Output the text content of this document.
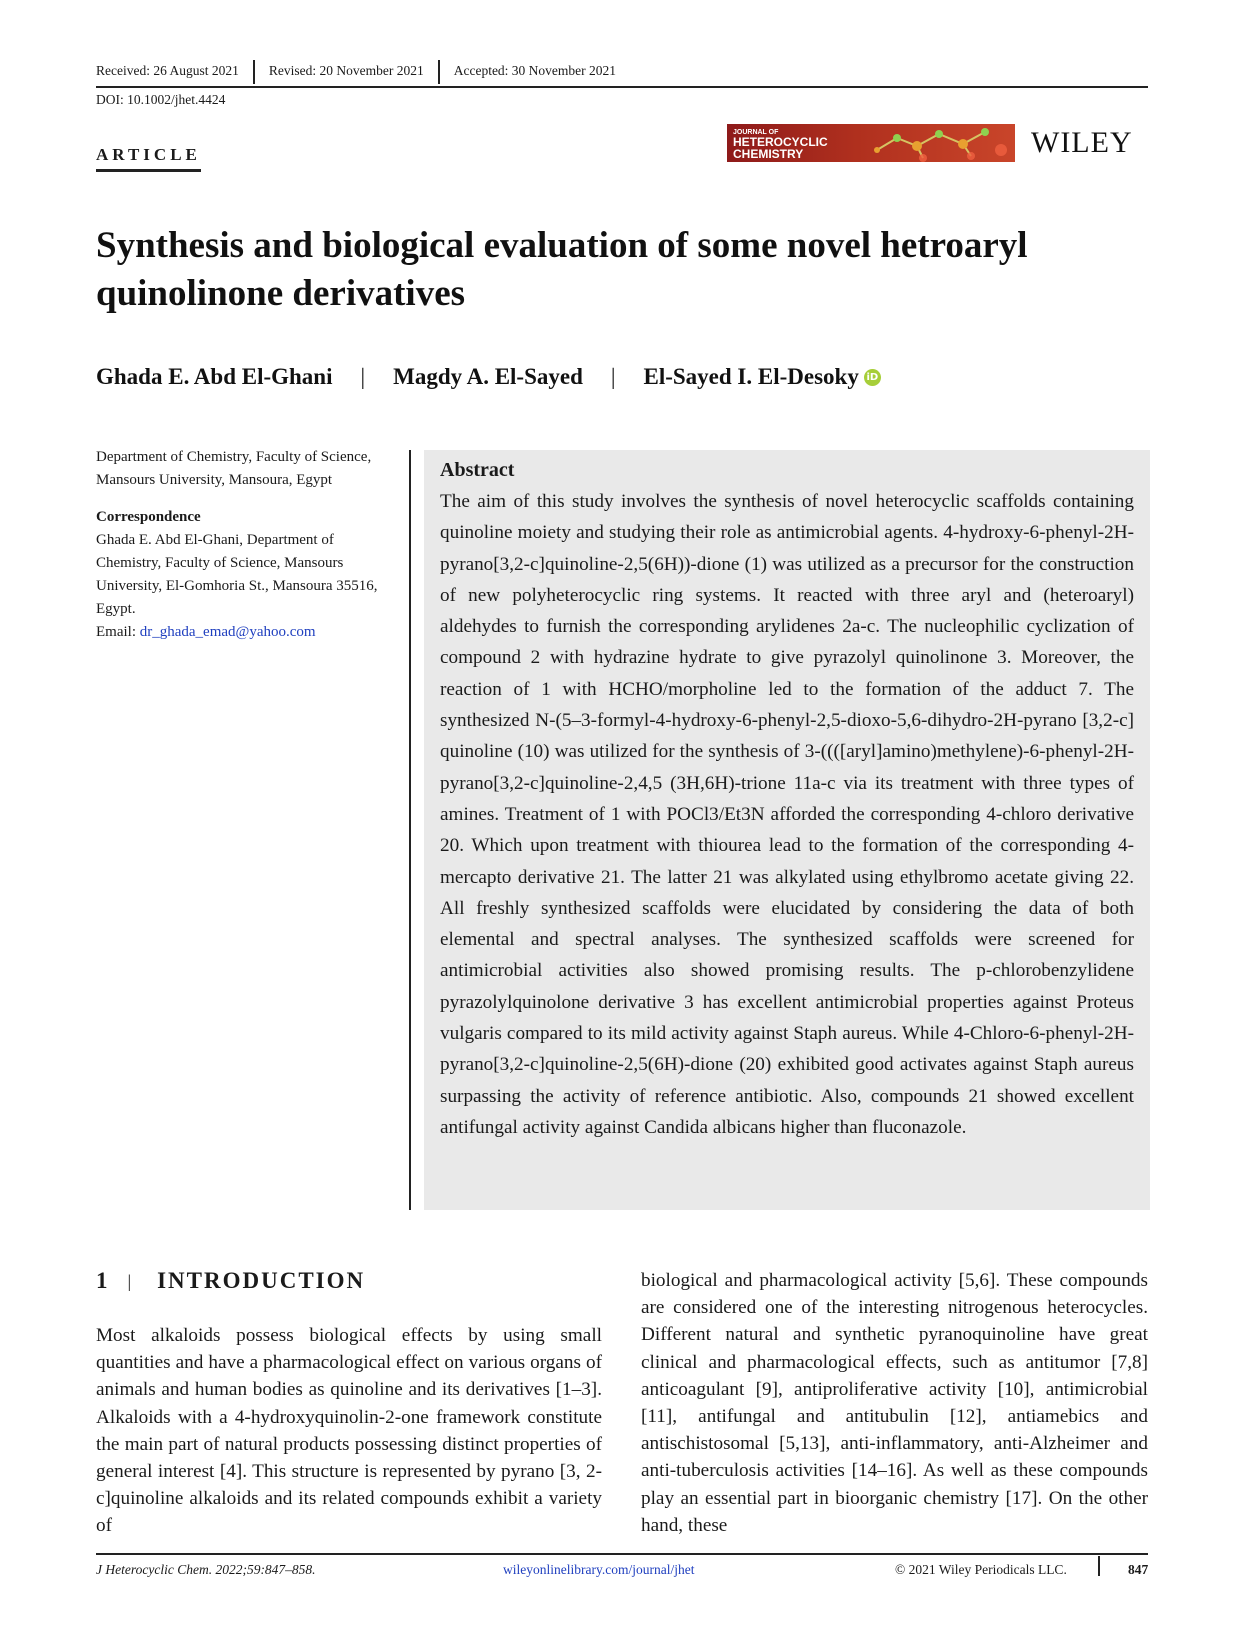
Received: 26 August 2021	Revised: 20 November 2021	Accepted: 30 November 2021
DOI: 10.1002/jhet.4424
ARTICLE
JOURNAL OF
HETEROCYCLIC
CHEMISTRY	WILEY
Synthesis and biological evaluation of some novel hetroaryl quinolinone derivatives
Ghada E. Abd El-Ghani | Magdy A. El-Sayed | El-Sayed I. El-Desoky iD

Department of Chemistry, Faculty of Science, Mansours University, Mansoura, Egypt

Correspondence

Ghada E. Abd El-Ghani, Department of Chemistry, Faculty of Science, Mansours University, El-Gomhoria St., Mansoura 35516, Egypt.

Email: dr_ghada_emad@yahoo.com

Abstract

The aim of this study involves the synthesis of novel heterocyclic scaffolds containing quinoline moiety and studying their role as antimicrobial agents. 4-hydroxy-6-phenyl-2H-pyrano[3,2-c]quinoline-2,5(6H))-dione (1) was utilized as a precursor for the construction of new polyheterocyclic ring systems. It reacted with three aryl and (heteroaryl) aldehydes to furnish the corresponding arylidenes 2a-c. The nucleophilic cyclization of compound 2 with hydrazine hydrate to give pyrazolyl quinolinone 3. Moreover, the reaction of 1 with HCHO/morpholine led to the formation of the adduct 7. The synthesized N-(5–3-formyl-4-hydroxy-6-phenyl-2,5-dioxo-5,6-dihydro-2H-pyrano [3,2-c] quinoline (10) was utilized for the synthesis of 3-((([aryl]amino)methylene)-6-phenyl-2H-pyrano[3,2-c]quinoline-2,4,5 (3H,6H)-trione 11a-c via its treatment with three types of amines. Treatment of 1 with POCl3/Et3N afforded the corresponding 4-chloro derivative 20. Which upon treatment with thiourea lead to the formation of the corresponding 4-mercapto derivative 21. The latter 21 was alkylated using ethylbromo acetate giving 22. All freshly synthesized scaffolds were elucidated by considering the data of both elemental and spectral analyses. The synthesized scaffolds were screened for antimicrobial activities also showed promising results. The p-chlorobenzylidene pyrazolylquinolone derivative 3 has excellent antimicrobial properties against Proteus vulgaris compared to its mild activity against Staph aureus. While 4-Chloro-6-phenyl-2H-pyrano[3,2-c]quinoline-2,5(6H)-dione (20) exhibited good activates against Staph aureus surpassing the activity of reference antibiotic. Also, compounds 21 showed excellent antifungal activity against Candida albicans higher than fluconazole.

1 | INTRODUCTION

Most alkaloids possess biological effects by using small quantities and have a pharmacological effect on various organs of animals and human bodies as quinoline and its derivatives [1–3]. Alkaloids with a 4-hydroxyquinolin-2-one framework constitute the main part of natural products possessing distinct properties of general interest [4]. This structure is represented by pyrano [3, 2-c]quinoline alkaloids and its related compounds exhibit a variety of

biological and pharmacological activity [5,6]. These compounds are considered one of the interesting nitrogenous heterocycles. Different natural and synthetic pyranoquinoline have great clinical and pharmacological effects, such as antitumor [7,8] anticoagulant [9], antiproliferative activity [10], antimicrobial [11], antifungal and antitubulin [12], antiamebics and antischistosomal [5,13], anti-inflammatory, anti-Alzheimer and anti-tuberculosis activities [14–16]. As well as these compounds play an essential part in bioorganic chemistry [17]. On the other hand, these

J Heterocyclic Chem. 2022;59:847–858.	wileyonlinelibrary.com/journal/jhet	© 2021 Wiley Periodicals LLC.	847
